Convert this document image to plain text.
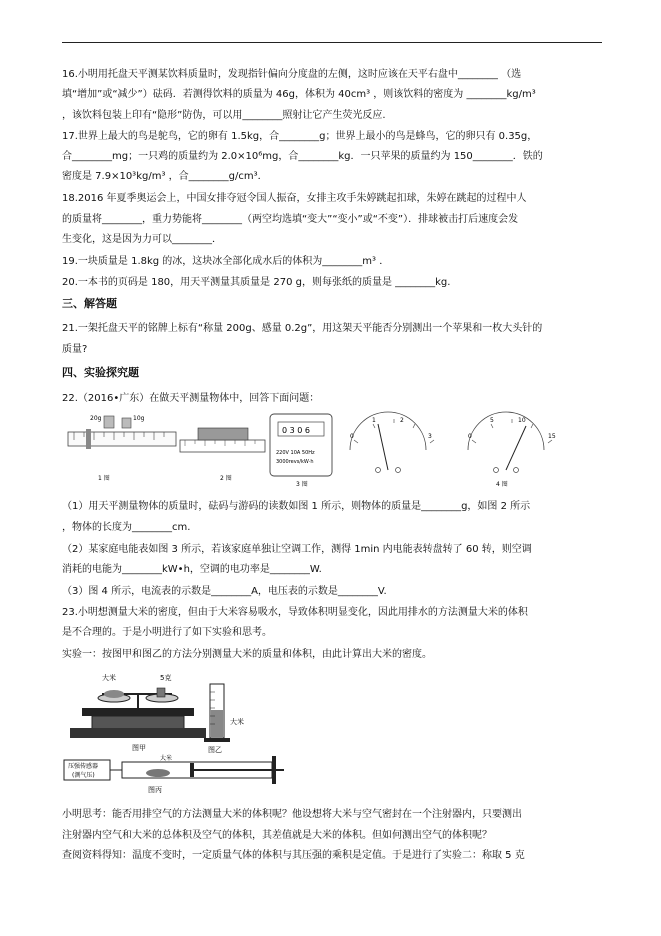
16.小明用托盘天平测某饮料质量时，发现指针偏向分度盘的左侧，这时应该在天平右盘中________ （选
填“增加”或“减少”）砝码．若测得饮料的质量为 46g，体积为 40cm³ ，则该饮料的密度为 ________kg/m³
，该饮料包装上印有“隐形”防伪，可以用________照射让它产生荧光反应.
17.世界上最大的鸟是鸵鸟，它的卵有 1.5kg，合________g；世界上最小的鸟是蜂鸟，它的卵只有 0.35g，
合________mg；一只鸡的质量约为 2.0×10⁶mg，合________kg．一只苹果的质量约为 150________．铁的
密度是 7.9×10³kg/m³ ，合________g/cm³．
18.2016 年夏季奥运会上，中国女排夺冠令国人振奋，女排主攻手朱婷跳起扣球，朱婷在跳起的过程中人
的质量将________，重力势能将________（两空均选填“变大”“变小”或“不变”）．排球被击打后速度会发
生变化，这是因为力可以________．
19.一块质量是 1.8kg 的冰，这块冰全部化成水后的体积为________m³ ．
20.一本书的页码是 180，用天平测量其质量是 270 g，则每张纸的质量是 ________kg.
三、解答题
21.一架托盘天平的铭牌上标有“称量 200g、感量 0.2g”，用这架天平能否分别测出一个苹果和一枚大头针的
质量?
四、实验探究题
22.（2016•广东）在做天平测量物体中，回答下面问题：
20g	10g
1 图	2 图
0 3 0 6
220V 10A 50Hz
3000revs/kW·h
3 图
0
1	2
3	0
5	10
15
4 图
（1）用天平测量物体的质量时，砝码与游码的读数如图 1 所示，则物体的质量是________g，如图 2 所示
，物体的长度为________cm.
（2）某家庭电能表如图 3 所示，若该家庭单独让空调工作，测得 1min 内电能表转盘转了 60 转，则空调
消耗的电能为________kW•h，空调的电功率是________W.
（3）图 4 所示，电流表的示数是________A，电压表的示数是________V.
23.小明想测量大米的密度，但由于大米容易吸水，导致体积明显变化，因此用排水的方法测量大米的体积
是不合理的。于是小明进行了如下实验和思考。
实验一：按图甲和图乙的方法分别测量大米的质量和体积，由此计算出大米的密度。
大米	5克
图甲
大米
图乙
压强传感器
(测气压)
大米
图丙
小明思考：能否用排空气的方法测量大米的体积呢？他设想将大米与空气密封在一个注射器内，只要测出
注射器内空气和大米的总体积及空气的体积，其差值就是大米的体积。但如何测出空气的体积呢？
查阅资料得知：温度不变时，一定质量气体的体积与其压强的乘积是定值。于是进行了实验二：称取 5 克
